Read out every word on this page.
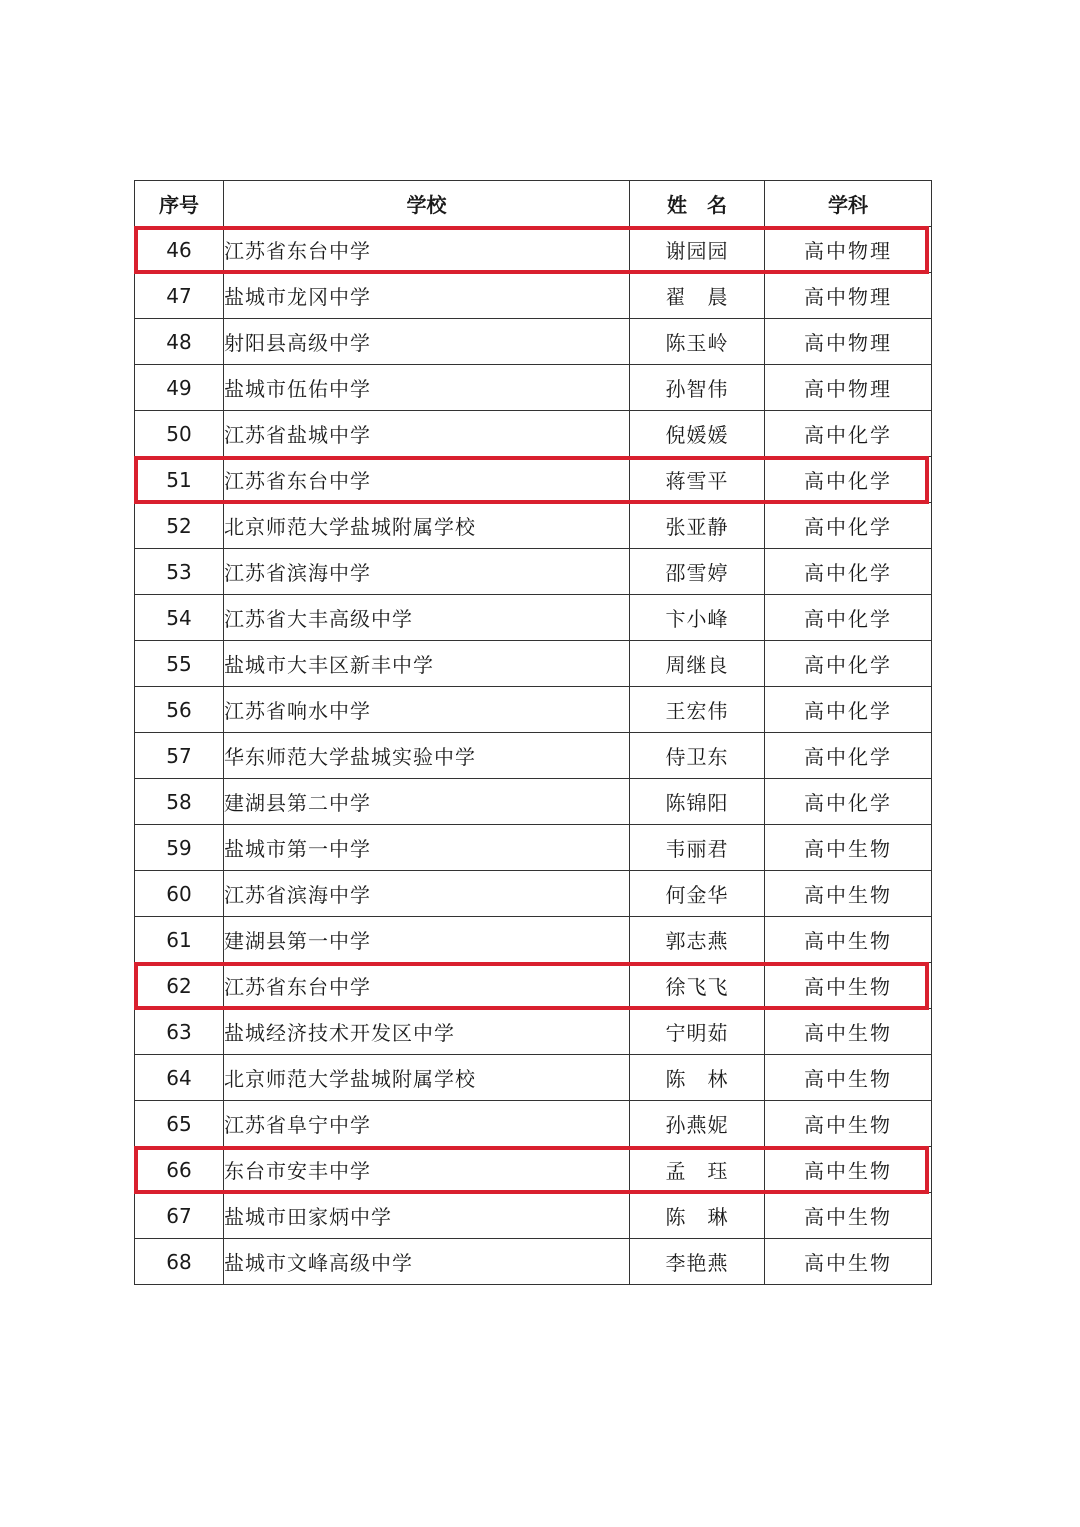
序号	学校	姓　名	学科
46	江苏省东台中学	谢园园	高中物理
47	盐城市龙冈中学	翟　晨	高中物理
48	射阳县高级中学	陈玉岭	高中物理
49	盐城市伍佑中学	孙智伟	高中物理
50	江苏省盐城中学	倪媛媛	高中化学
51	江苏省东台中学	蒋雪平	高中化学
52	北京师范大学盐城附属学校	张亚静	高中化学
53	江苏省滨海中学	邵雪婷	高中化学
54	江苏省大丰高级中学	卞小峰	高中化学
55	盐城市大丰区新丰中学	周继良	高中化学
56	江苏省响水中学	王宏伟	高中化学
57	华东师范大学盐城实验中学	侍卫东	高中化学
58	建湖县第二中学	陈锦阳	高中化学
59	盐城市第一中学	韦丽君	高中生物
60	江苏省滨海中学	何金华	高中生物
61	建湖县第一中学	郭志燕	高中生物
62	江苏省东台中学	徐飞飞	高中生物
63	盐城经济技术开发区中学	宁明茹	高中生物
64	北京师范大学盐城附属学校	陈　林	高中生物
65	江苏省阜宁中学	孙燕妮	高中生物
66	东台市安丰中学	孟　珏	高中生物
67	盐城市田家炳中学	陈　琳	高中生物
68	盐城市文峰高级中学	李艳燕	高中生物
